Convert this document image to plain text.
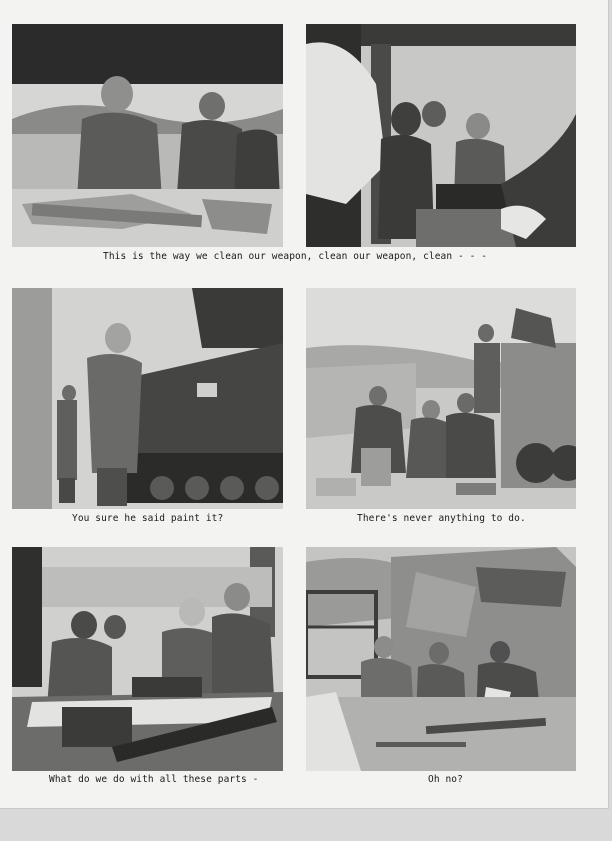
This is the way we clean our weapon, clean our weapon, clean - - -
You sure he said paint it?	There's never anything to do.
What do we do with all these parts -	Oh no?
